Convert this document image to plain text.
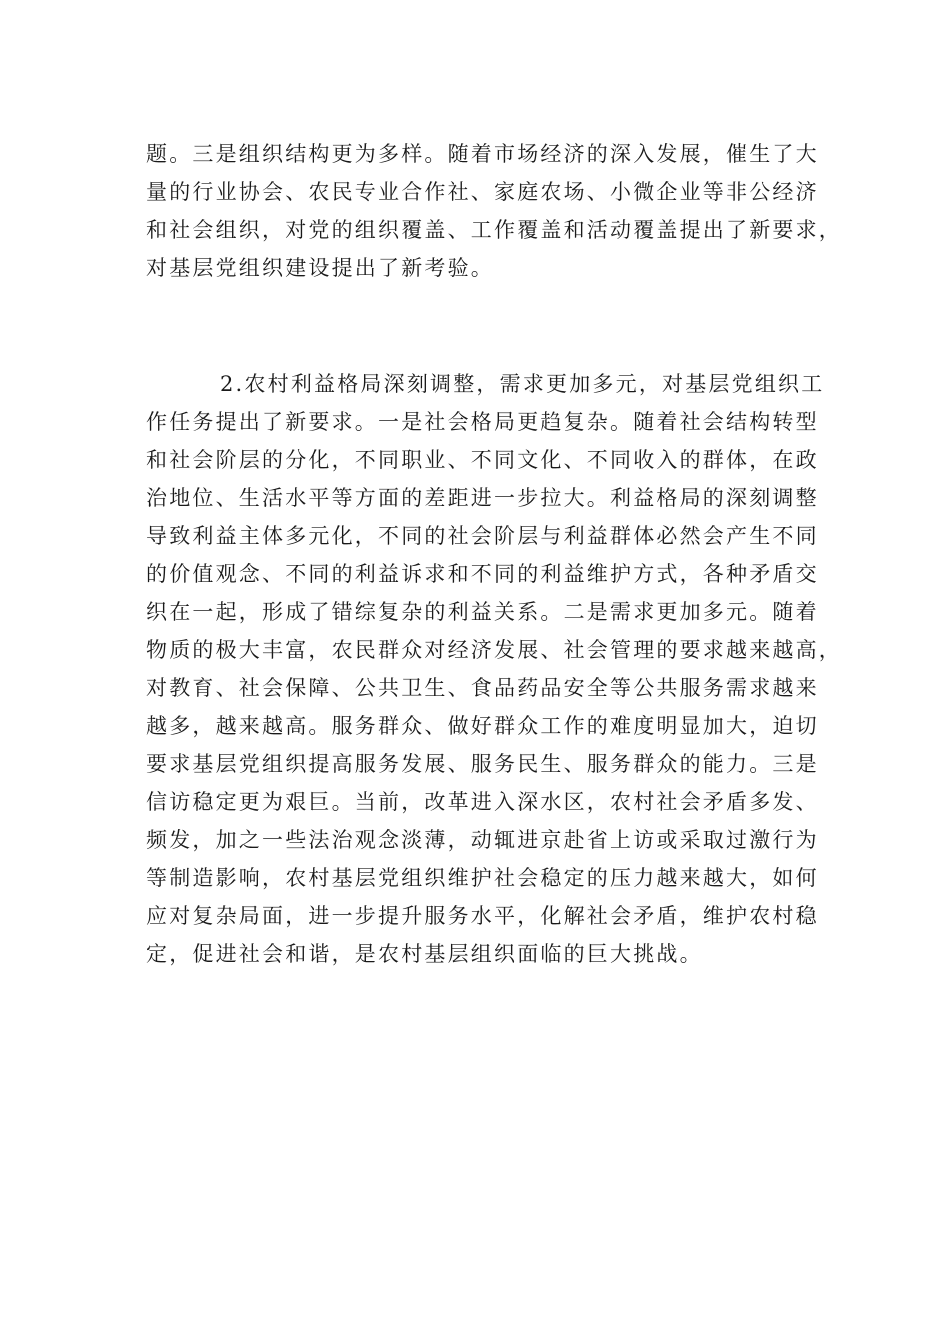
题。三是组织结构更为多样。随着市场经济的深入发展，催生了大
量的行业协会、农民专业合作社、家庭农场、小微企业等非公经济
和社会组织，对党的组织覆盖、工作覆盖和活动覆盖提出了新要求，
对基层党组织建设提出了新考验。
2.农村利益格局深刻调整，需求更加多元，对基层党组织工
作任务提出了新要求。一是社会格局更趋复杂。随着社会结构转型
和社会阶层的分化，不同职业、不同文化、不同收入的群体，在政
治地位、生活水平等方面的差距进一步拉大。利益格局的深刻调整
导致利益主体多元化，不同的社会阶层与利益群体必然会产生不同
的价值观念、不同的利益诉求和不同的利益维护方式，各种矛盾交
织在一起，形成了错综复杂的利益关系。二是需求更加多元。随着
物质的极大丰富，农民群众对经济发展、社会管理的要求越来越高，
对教育、社会保障、公共卫生、食品药品安全等公共服务需求越来
越多，越来越高。服务群众、做好群众工作的难度明显加大，迫切
要求基层党组织提高服务发展、服务民生、服务群众的能力。三是
信访稳定更为艰巨。当前，改革进入深水区，农村社会矛盾多发、
频发，加之一些法治观念淡薄，动辄进京赴省上访或采取过激行为
等制造影响，农村基层党组织维护社会稳定的压力越来越大，如何
应对复杂局面，进一步提升服务水平，化解社会矛盾，维护农村稳
定，促进社会和谐，是农村基层组织面临的巨大挑战。
